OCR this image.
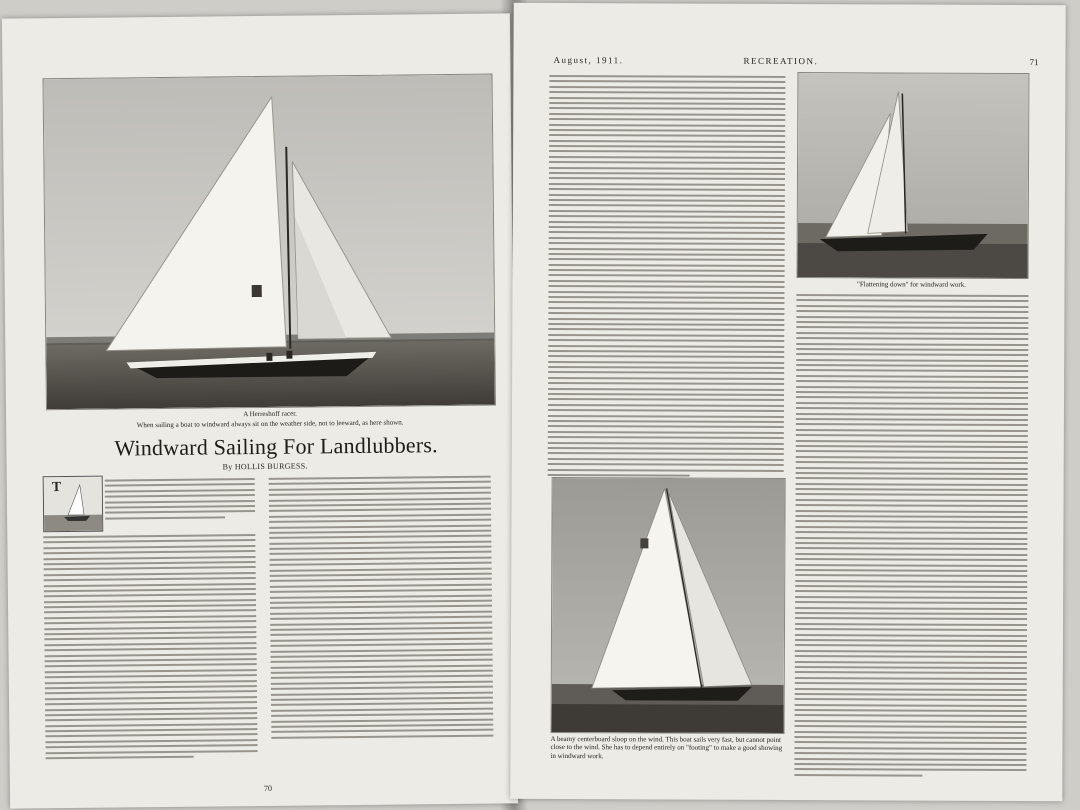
A Herreshoff racer.
When sailing a boat to windward always sit on the weather side, not to leeward, as here shown.
Windward Sailing For Landlubbers.
By HOLLIS BURGESS.
T
70
August, 1911.	RECREATION.	71
"Flattening down" for windward work.
A beamy centerboard sloop on the wind. This boat sails very fast, but cannot point close to the wind. She has to depend entirely on "footing" to make a good showing in windward work.
